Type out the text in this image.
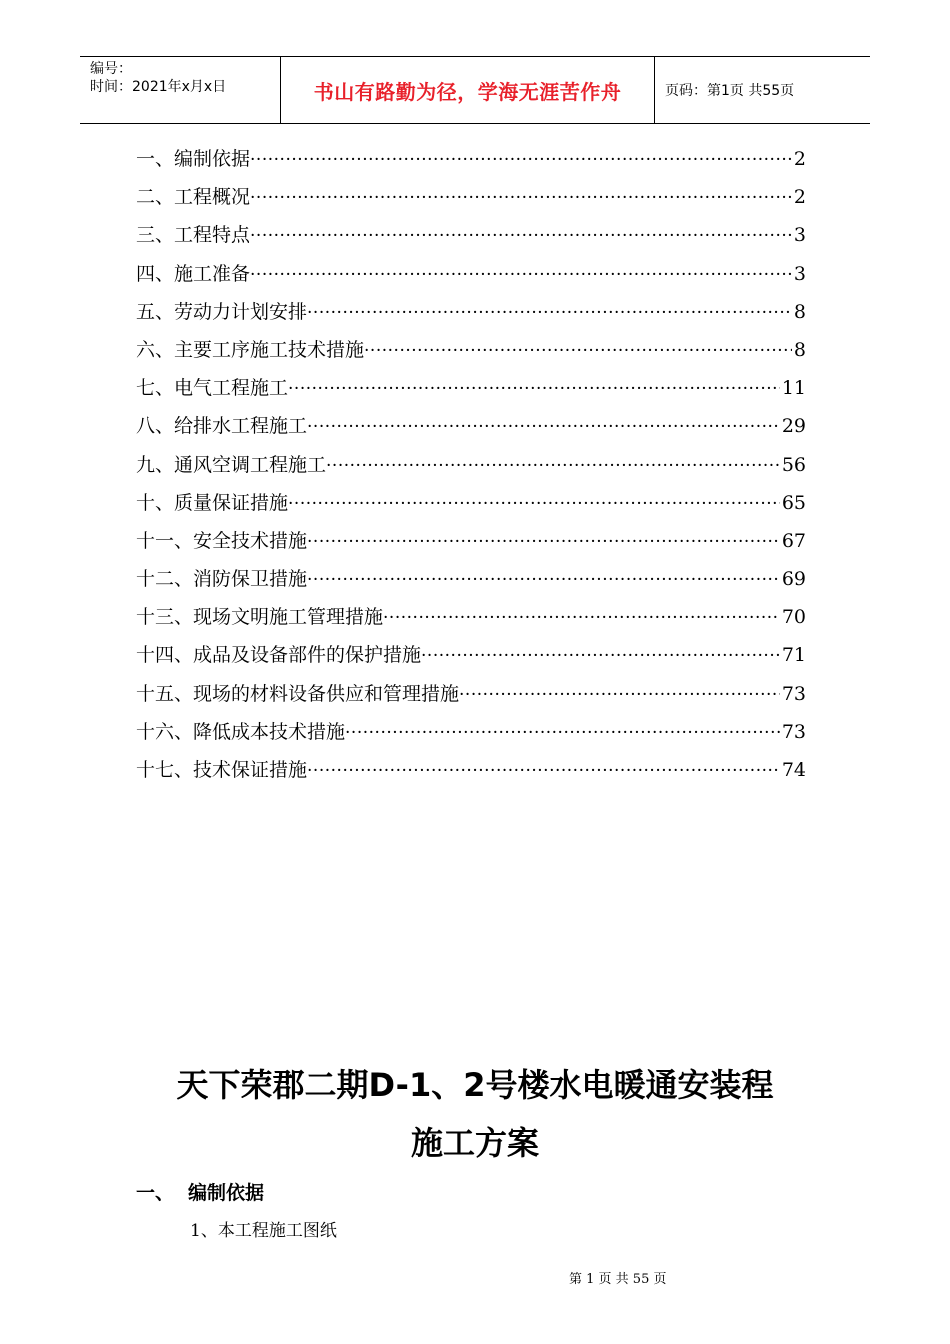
编号：
时间：2021年x月x日	书山有路勤为径，学海无涯苦作舟	页码：第1页 共55页
一、编制依据 ·····	2
二、工程概况 ·····	2
三、工程特点 ·····	3
四、施工准备 ·····	3
五、劳动力计划安排 ·····	8
六、主要工序施工技术措施 ·····	8
七、电气工程施工 ·····	11
八、给排水工程施工 ·····	29
九、通风空调工程施工 ·····	56
十、质量保证措施 ·····	65
十一、安全技术措施 ·····	67
十二、消防保卫措施 ·····	69
十三、现场文明施工管理措施 ·····	70
十四、成品及设备部件的保护措施 ·····	71
十五、现场的材料设备供应和管理措施 ·····	73
十六、降低成本技术措施 ·····	73
十七、技术保证措施 ·····	74
天下荣郡二期D-1、2号楼水电暖通安装程
施工方案
一、 编制依据
1、本工程施工图纸
第 1 页 共 55 页
